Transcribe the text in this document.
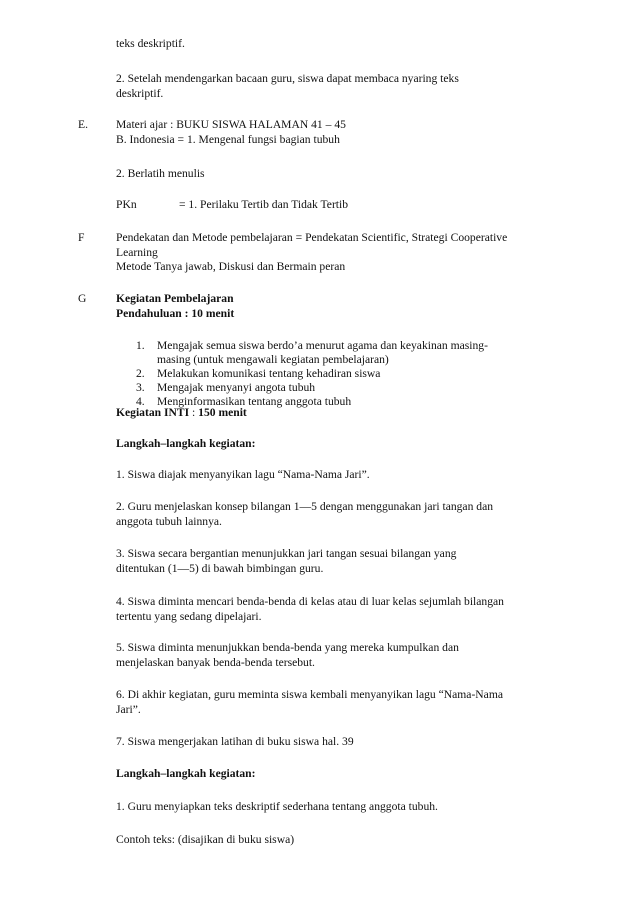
teks deskriptif.
2. Setelah mendengarkan bacaan guru, siswa dapat membaca nyaring teks
deskriptif.
E. Materi ajar : BUKU SISWA HALAMAN 41 – 45
B. Indonesia = 1. Mengenal fungsi bagian tubuh
2. Berlatih menulis
PKn	= 1. Perilaku Tertib dan Tidak Tertib
F	Pendekatan dan Metode pembelajaran = Pendekatan Scientific, Strategi Cooperative
Learning
Metode Tanya jawab, Diskusi dan Bermain peran
G	Kegiatan Pembelajaran
Pendahuluan : 10 menit
1. Mengajak semua siswa berdo’a menurut agama dan keyakinan masing-
masing (untuk mengawali kegiatan pembelajaran)
2. Melakukan komunikasi tentang kehadiran siswa
3. Mengajak menyanyi angota tubuh
4. Menginformasikan tentang anggota tubuh
Kegiatan INTI : 150 menit
Langkah–langkah kegiatan:
1. Siswa diajak menyanyikan lagu “Nama-Nama Jari”.
2. Guru menjelaskan konsep bilangan 1—5 dengan menggunakan jari tangan dan
anggota tubuh lainnya.
3. Siswa secara bergantian menunjukkan jari tangan sesuai bilangan yang
ditentukan (1—5) di bawah bimbingan guru.
4. Siswa diminta mencari benda-benda di kelas atau di luar kelas sejumlah bilangan
tertentu yang sedang dipelajari.
5. Siswa diminta menunjukkan benda-benda yang mereka kumpulkan dan
menjelaskan banyak benda-benda tersebut.
6. Di akhir kegiatan, guru meminta siswa kembali menyanyikan lagu “Nama-Nama
Jari”.
7. Siswa mengerjakan latihan di buku siswa hal. 39
Langkah–langkah kegiatan:
1. Guru menyiapkan teks deskriptif sederhana tentang anggota tubuh.
Contoh teks: (disajikan di buku siswa)
